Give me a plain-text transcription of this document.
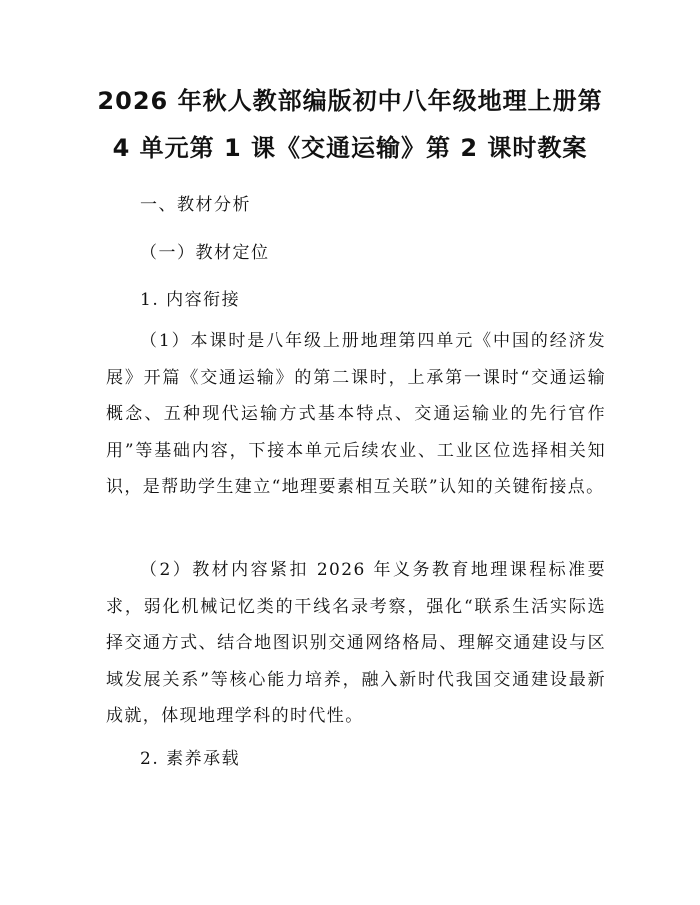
2026 年秋人教部编版初中八年级地理上册第
4 单元第 1 课《交通运输》第 2 课时教案
一、教材分析
（一）教材定位
1. 内容衔接

（1）本课时是八年级上册地理第四单元《中国的经济发展》开篇《交通运输》的第二课时，上承第一课时“交通运输概念、五种现代运输方式基本特点、交通运输业的先行官作用”等基础内容，下接本单元后续农业、工业区位选择相关知识，是帮助学生建立“地理要素相互关联”认知的关键衔接点。

（2）教材内容紧扣 2026 年义务教育地理课程标准要求，弱化机械记忆类的干线名录考察，强化“联系生活实际选择交通方式、结合地图识别交通网络格局、理解交通建设与区域发展关系”等核心能力培养，融入新时代我国交通建设最新成就，体现地理学科的时代性。

2. 素养承载
